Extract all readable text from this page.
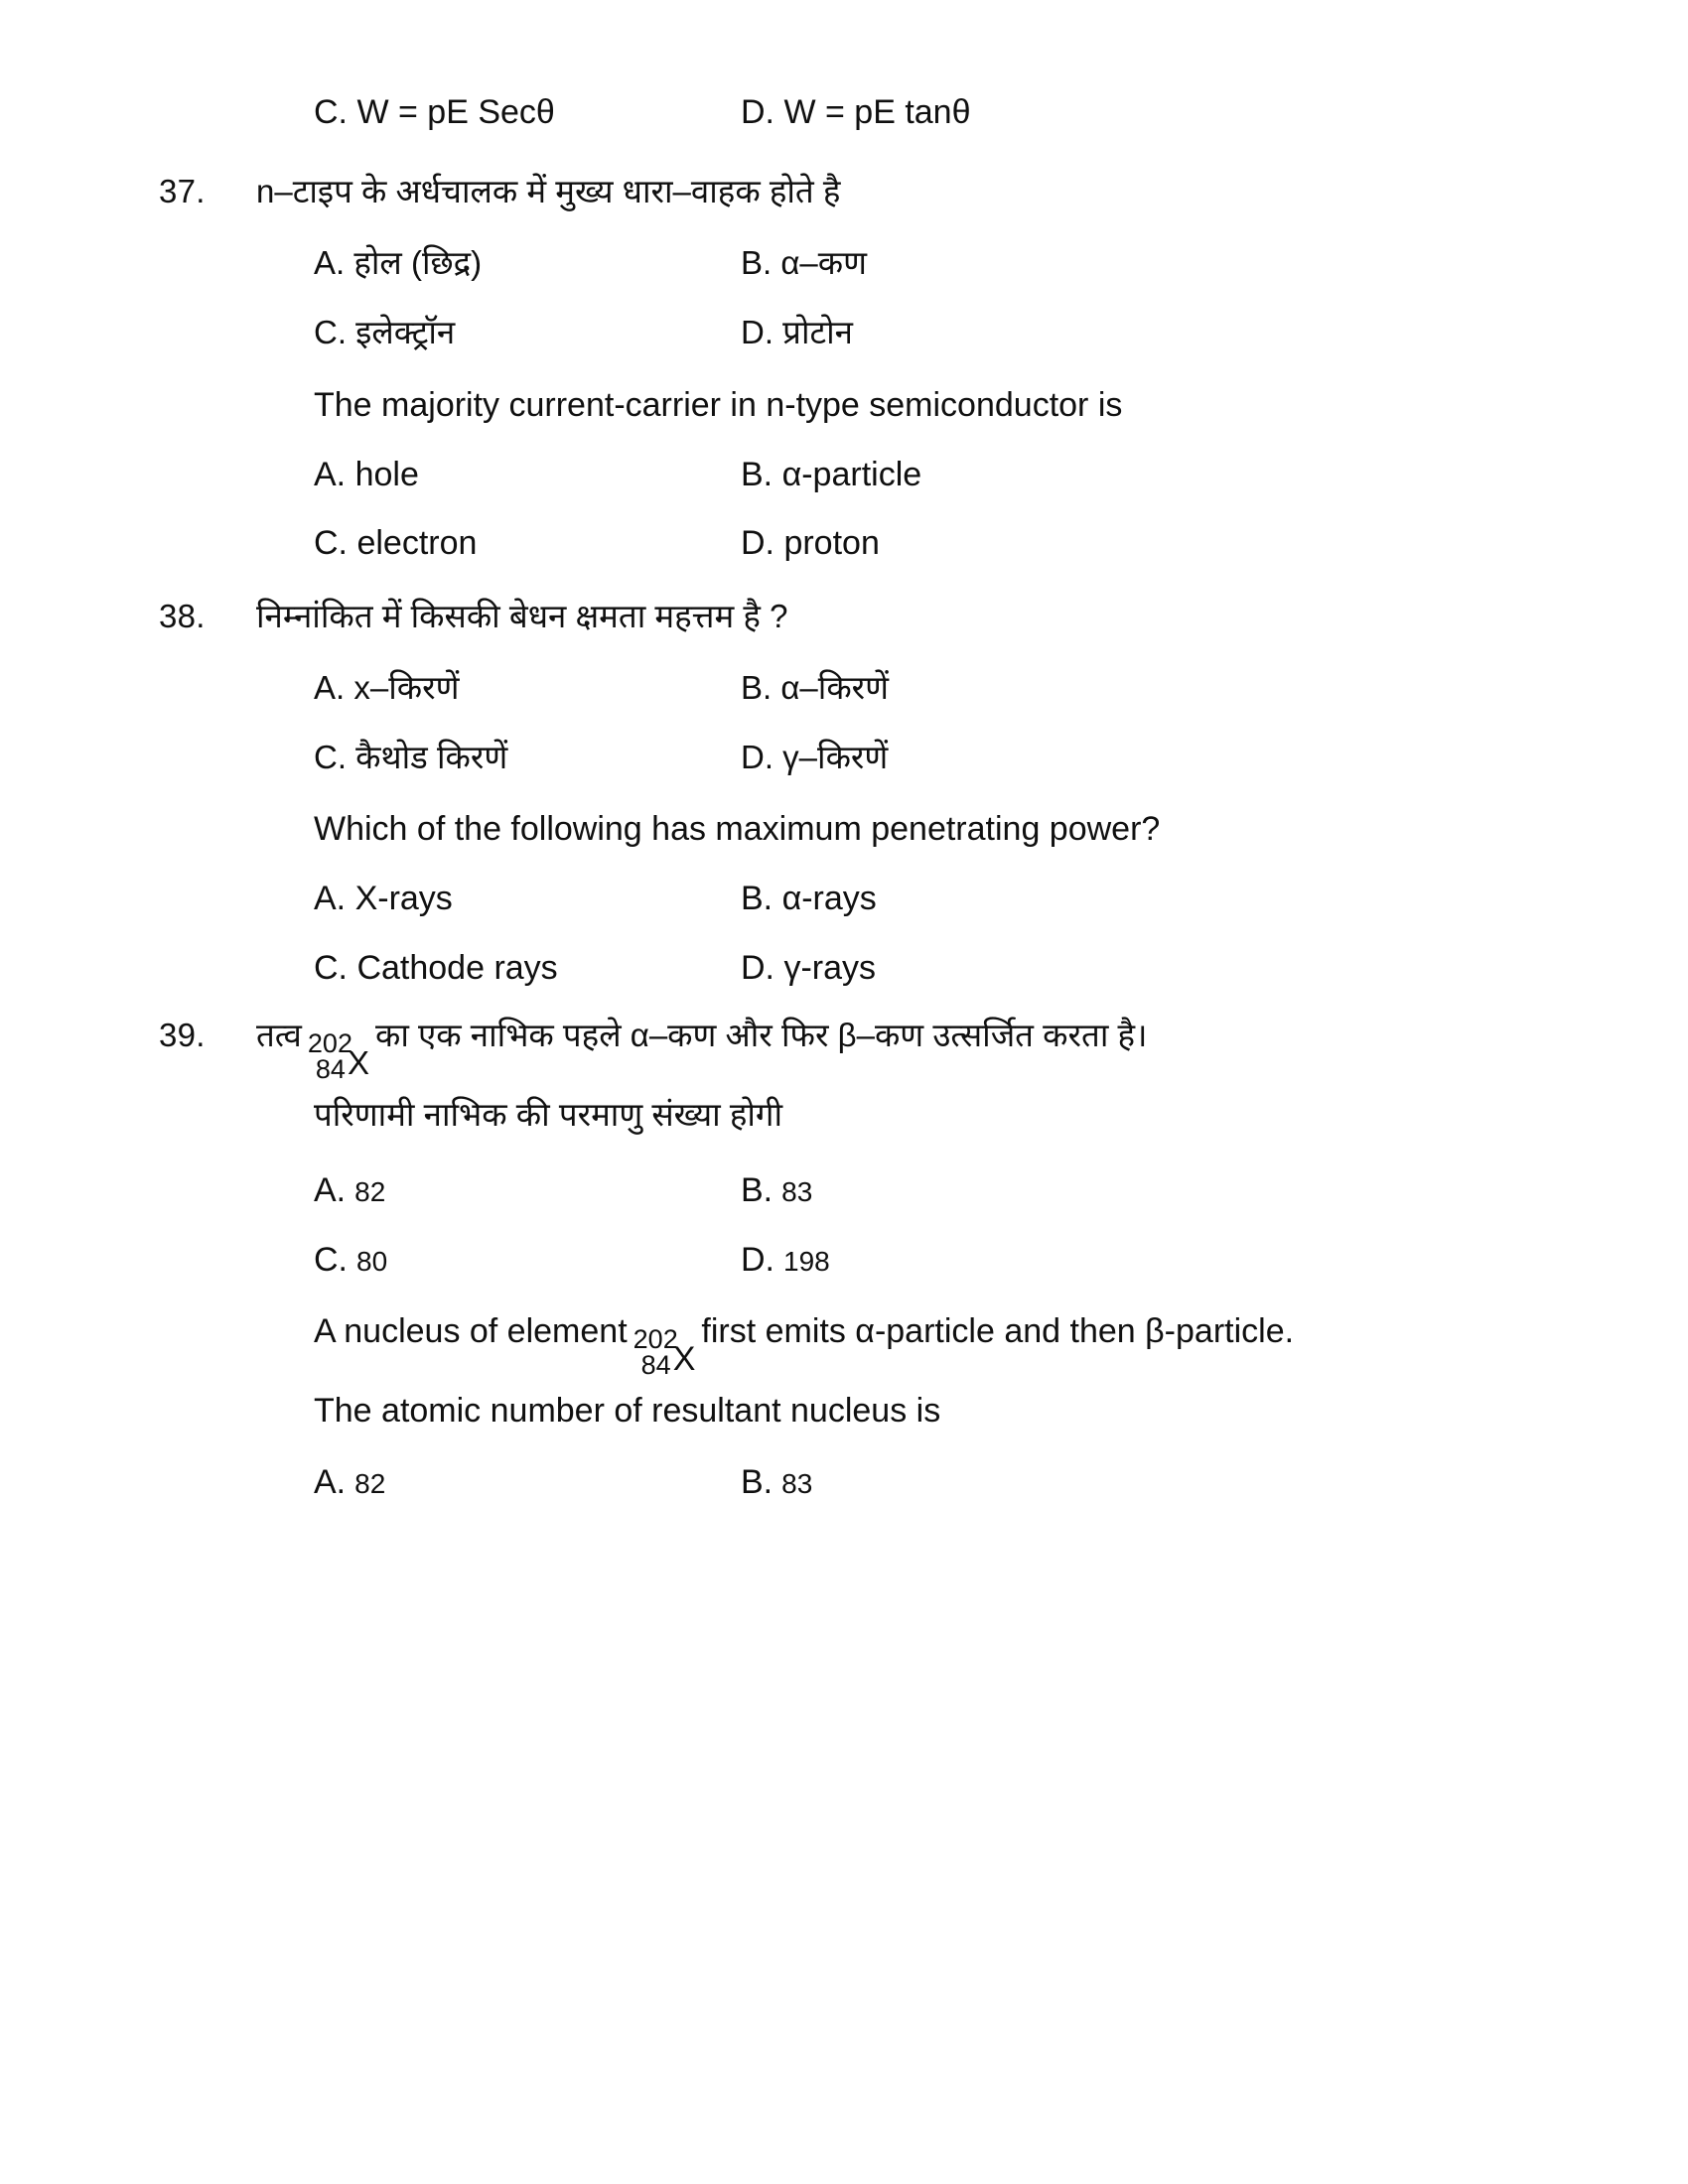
C. W = pE Secθ	D. W = pE tanθ
37.	n–टाइप के अर्धचालक में मुख्य धारा–वाहक होते है
A. होल (छिद्र)	B. α–कण
C. इलेक्ट्रॉन	D. प्रोटोन
The majority current-carrier in n-type semiconductor is
A. hole	B. α-particle
C. electron	D. proton
38.	निम्नांकित में किसकी बेधन क्षमता महत्तम है ?
A. x–किरणें	B. α–किरणें
C. कैथोड किरणें	D. γ–किरणें
Which of the following has maximum penetrating power?
A. X-rays	B. α-rays
C. Cathode rays	D. γ-rays
39.	तत्व 202
84 X
का एक नाभिक पहले α–कण और फिर β–कण उत्सर्जित करता है।
परिणामी नाभिक की परमाणु संख्या होगी
A. 82	B. 83
C. 80	D. 198
A nucleus of element 202
84 X
first emits α-particle and then β-particle.
The atomic number of resultant nucleus is
A. 82	B. 83
